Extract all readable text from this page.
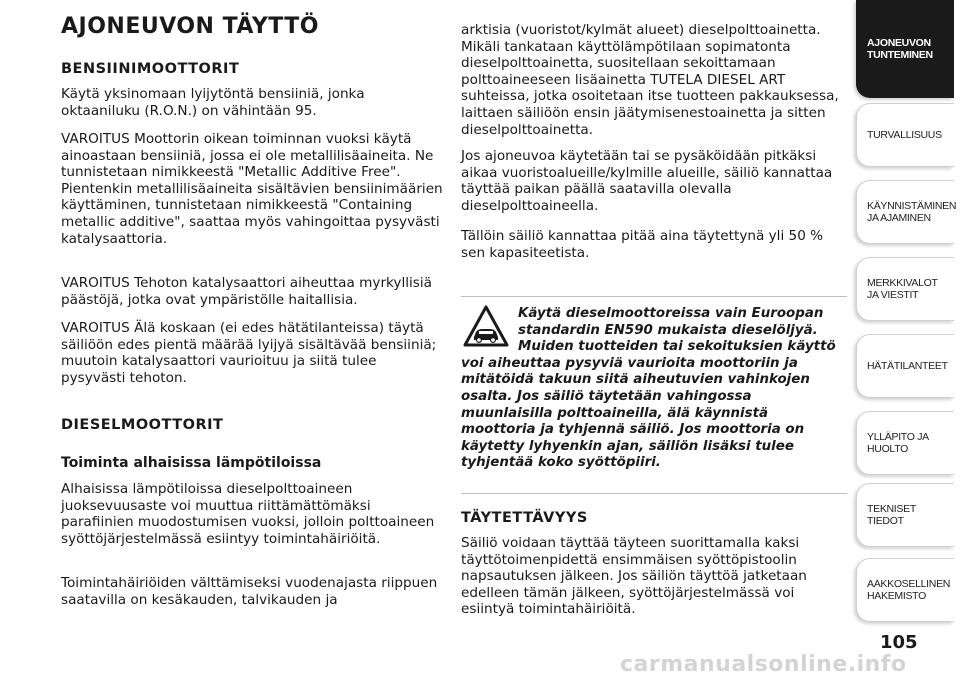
AJONEUVON TÄYTTÖ
BENSIINIMOOTTORIT

Käytä yksinomaan lyijytöntä bensiiniä, jonka oktaaniluku (R.O.N.) on vähintään 95.

VAROITUS Moottorin oikean toiminnan vuoksi käytä ainoastaan bensiiniä, jossa ei ole metallilisäaineita. Ne tunnistetaan nimikkeestä "Metallic Additive Free". Pientenkin metallilisäaineita sisältävien bensiinimäärien käyttäminen, tunnistetaan nimikkeestä "Containing metallic additive", saattaa myös vahingoittaa pysyvästi katalysaattoria.

VAROITUS Tehoton katalysaattori aiheuttaa myrkyllisiä päästöjä, jotka ovat ympäristölle haitallisia.

VAROITUS Älä koskaan (ei edes hätätilanteissa) täytä säiliöön edes pientä määrää lyijyä sisältävää bensiiniä; muutoin katalysaattori vaurioituu ja siitä tulee pysyvästi tehoton.

DIESELMOOTTORIT
Toiminta alhaisissa lämpötiloissa

Alhaisissa lämpötiloissa dieselpolttoaineen juoksevuusaste voi muuttua riittämättömäksi parafiinien muodostumisen vuoksi, jolloin polttoaineen syöttöjärjestelmässä esiintyy toimintahäiriöitä.

Toimintahäiriöiden välttämiseksi vuodenajasta riippuen saatavilla on kesäkauden, talvikauden ja

arktisia (vuoristot/kylmät alueet) dieselpolttoainetta. Mikäli tankataan käyttölämpötilaan sopimatonta dieselpolttoainetta, suositellaan sekoittamaan polttoaineeseen lisäainetta TUTELA DIESEL ART suhteissa, jotka osoitetaan itse tuotteen pakkauksessa, laittaen säiliöön ensin jäätymisenestoainetta ja sitten dieselpolttoainetta.

Jos ajoneuvoa käytetään tai se pysäköidään pitkäksi aikaa vuoristoalueille/kylmille alueille, säiliö kannattaa täyttää paikan päällä saatavilla olevalla dieselpolttoaineella.

Tällöin säiliö kannattaa pitää aina täytettynä yli 50 % sen kapasiteetista.

Käytä dieselmoottoreissa vain Euroopan
standardin EN590 mukaista dieselöljyä.
Muiden tuotteiden tai sekoituksien käyttö
voi aiheuttaa pysyviä vaurioita moottoriin ja mitätöidä takuun siitä aiheutuvien vahinkojen osalta. Jos säiliö täytetään vahingossa muunlaisilla polttoaineilla, älä käynnistä moottoria ja tyhjennä säiliö. Jos moottoria on käytetty lyhyenkin ajan, säiliön lisäksi tulee tyhjentää koko syöttöpiiri.
TÄYTETTÄVYYS

Säiliö voidaan täyttää täyteen suorittamalla kaksi täyttötoimenpidettä ensimmäisen syöttöpistoolin napsautuksen jälkeen. Jos säiliön täyttöä jatketaan edelleen tämän jälkeen, syöttöjärjestelmässä voi esiintyä toimintahäiriöitä.

AJONEUVON TUNTEMINEN
TURVALLISUUS
KÄYNNISTÄMINEN JA AJAMINEN
MERKKIVALOT JA VIESTIT
HÄTÄTILANTEET
YLLÄPITO JA HUOLTO
TEKNISET TIEDOT
AAKKOSELLINEN HAKEMISTO
105
carmanualsonline.info
